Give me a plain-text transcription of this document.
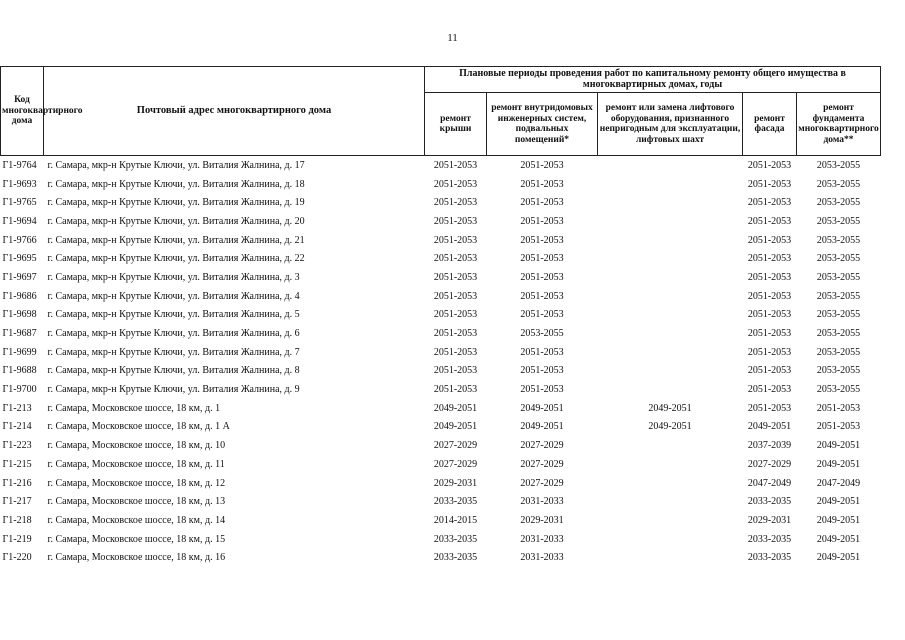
11
Код многоквартирного дома	Почтовый адрес многоквартирного дома	Плановые периоды проведения работ по капитальному ремонту общего имущества в многоквартирных домах, годы				
		ремонт крыши	ремонт внутридомовых инженерных систем, подвальных помещений*	ремонт или замена лифтового оборудования, признанного непригодным для эксплуатации, лифтовых шахт	ремонт фасада	ремонт фундамента многоквартирного дома**
Г1-9764	г. Самара, мкр-н Крутые Ключи, ул. Виталия Жалнина, д. 17	2051-2053	2051-2053		2051-2053	2053-2055
Г1-9693	г. Самара, мкр-н Крутые Ключи, ул. Виталия Жалнина, д. 18	2051-2053	2051-2053		2051-2053	2053-2055
Г1-9765	г. Самара, мкр-н Крутые Ключи, ул. Виталия Жалнина, д. 19	2051-2053	2051-2053		2051-2053	2053-2055
Г1-9694	г. Самара, мкр-н Крутые Ключи, ул. Виталия Жалнина, д. 20	2051-2053	2051-2053		2051-2053	2053-2055
Г1-9766	г. Самара, мкр-н Крутые Ключи, ул. Виталия Жалнина, д. 21	2051-2053	2051-2053		2051-2053	2053-2055
Г1-9695	г. Самара, мкр-н Крутые Ключи, ул. Виталия Жалнина, д. 22	2051-2053	2051-2053		2051-2053	2053-2055
Г1-9697	г. Самара, мкр-н Крутые Ключи, ул. Виталия Жалнина, д. 3	2051-2053	2051-2053		2051-2053	2053-2055
Г1-9686	г. Самара, мкр-н Крутые Ключи, ул. Виталия Жалнина, д. 4	2051-2053	2051-2053		2051-2053	2053-2055
Г1-9698	г. Самара, мкр-н Крутые Ключи, ул. Виталия Жалнина, д. 5	2051-2053	2051-2053		2051-2053	2053-2055
Г1-9687	г. Самара, мкр-н Крутые Ключи, ул. Виталия Жалнина, д. 6	2051-2053	2053-2055		2051-2053	2053-2055
Г1-9699	г. Самара, мкр-н Крутые Ключи, ул. Виталия Жалнина, д. 7	2051-2053	2051-2053		2051-2053	2053-2055
Г1-9688	г. Самара, мкр-н Крутые Ключи, ул. Виталия Жалнина, д. 8	2051-2053	2051-2053		2051-2053	2053-2055
Г1-9700	г. Самара, мкр-н Крутые Ключи, ул. Виталия Жалнина, д. 9	2051-2053	2051-2053		2051-2053	2053-2055
Г1-213	г. Самара, Московское шоссе, 18 км, д. 1	2049-2051	2049-2051	2049-2051	2051-2053	2051-2053
Г1-214	г. Самара, Московское шоссе, 18 км, д. 1 А	2049-2051	2049-2051	2049-2051	2049-2051	2051-2053
Г1-223	г. Самара, Московское шоссе, 18 км, д. 10	2027-2029	2027-2029		2037-2039	2049-2051
Г1-215	г. Самара, Московское шоссе, 18 км, д. 11	2027-2029	2027-2029		2027-2029	2049-2051
Г1-216	г. Самара, Московское шоссе, 18 км, д. 12	2029-2031	2027-2029		2047-2049	2047-2049
Г1-217	г. Самара, Московское шоссе, 18 км, д. 13	2033-2035	2031-2033		2033-2035	2049-2051
Г1-218	г. Самара, Московское шоссе, 18 км, д. 14	2014-2015	2029-2031		2029-2031	2049-2051
Г1-219	г. Самара, Московское шоссе, 18 км, д. 15	2033-2035	2031-2033		2033-2035	2049-2051
Г1-220	г. Самара, Московское шоссе, 18 км, д. 16	2033-2035	2031-2033		2033-2035	2049-2051
